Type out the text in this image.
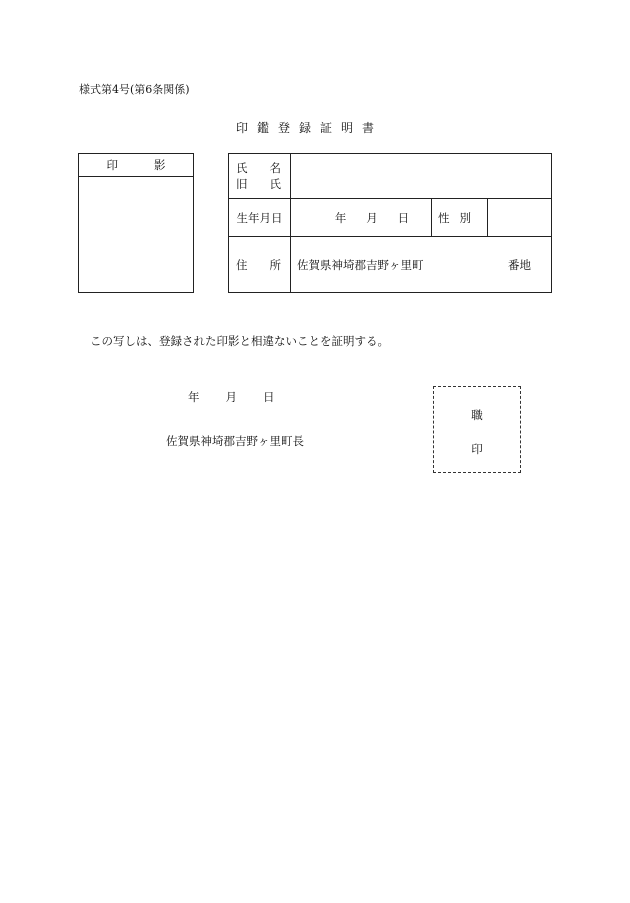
様式第4号(第6条関係)
印鑑登録証明書
印影	氏 名
旧 氏			

生年月日	年 月 日	性別	

住 所	佐賀県神埼郡吉野ヶ里町 番地		
この写しは、登録された印影と相違ないことを証明する。
年 月 日
佐賀県神埼郡吉野ヶ里町長
職
印
